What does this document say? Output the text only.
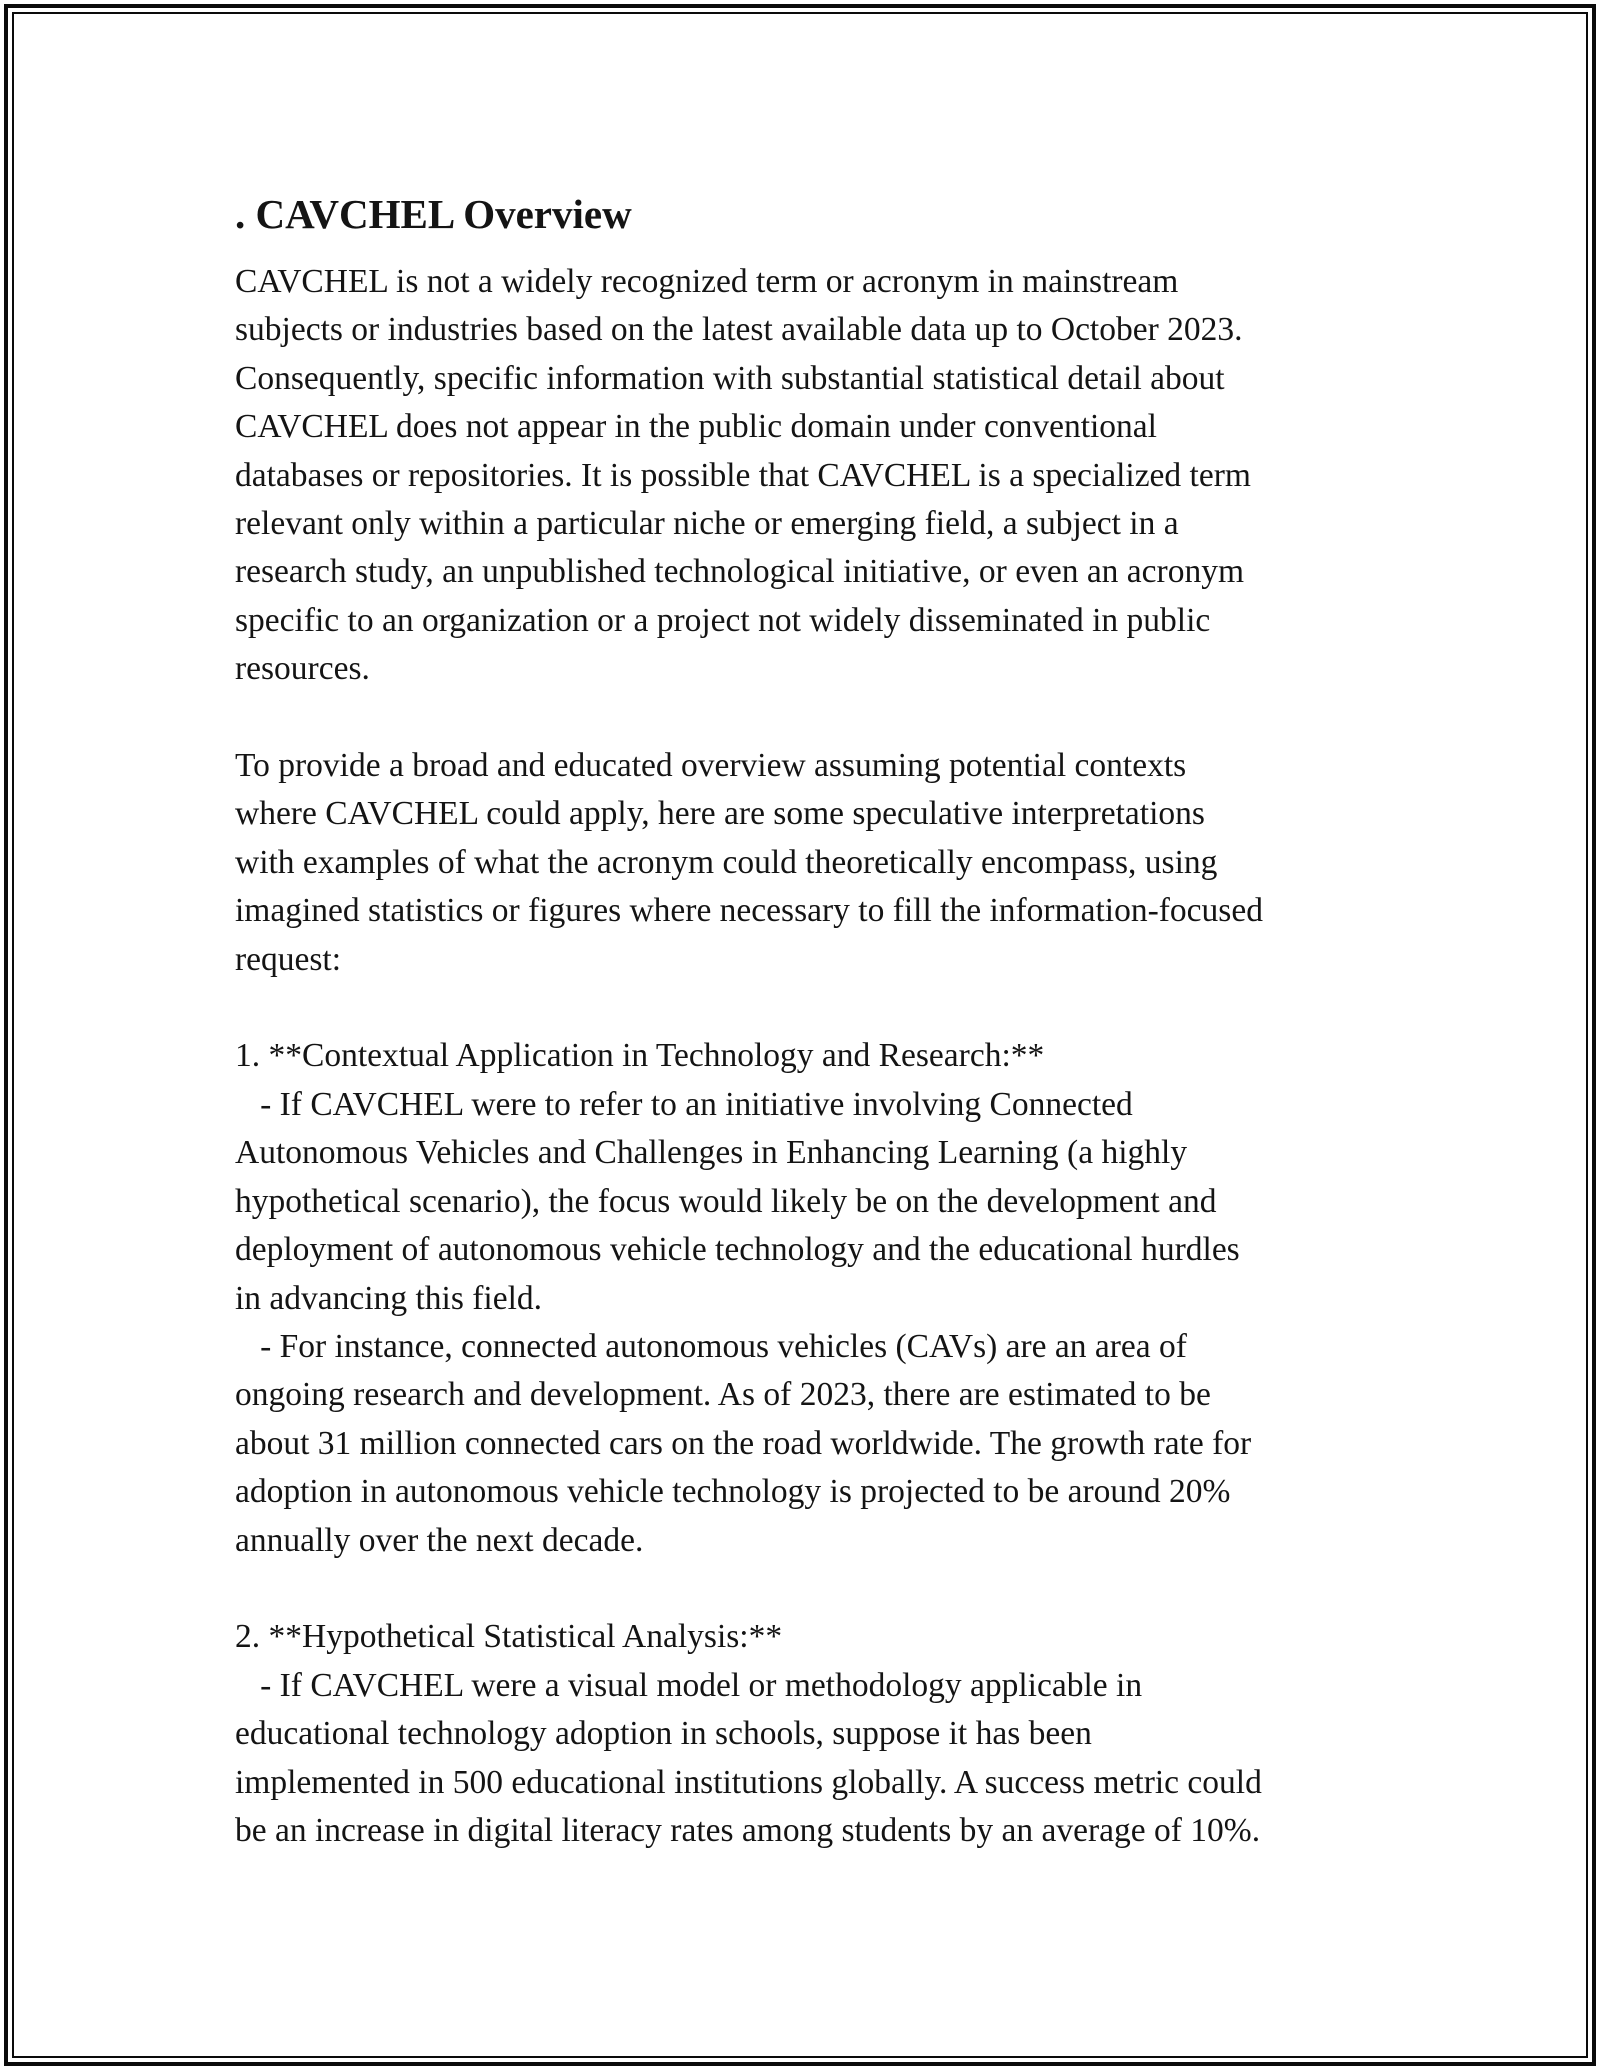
. CAVCHEL Overview
CAVCHEL is not a widely recognized term or acronym in mainstream
subjects or industries based on the latest available data up to October 2023.
Consequently, specific information with substantial statistical detail about
CAVCHEL does not appear in the public domain under conventional
databases or repositories. It is possible that CAVCHEL is a specialized term
relevant only within a particular niche or emerging field, a subject in a
research study, an unpublished technological initiative, or even an acronym
specific to an organization or a project not widely disseminated in public
resources.
To provide a broad and educated overview assuming potential contexts
where CAVCHEL could apply, here are some speculative interpretations
with examples of what the acronym could theoretically encompass, using
imagined statistics or figures where necessary to fill the information-focused
request:
1. **Contextual Application in Technology and Research:**
- If CAVCHEL were to refer to an initiative involving Connected
Autonomous Vehicles and Challenges in Enhancing Learning (a highly
hypothetical scenario), the focus would likely be on the development and
deployment of autonomous vehicle technology and the educational hurdles
in advancing this field.
- For instance, connected autonomous vehicles (CAVs) are an area of
ongoing research and development. As of 2023, there are estimated to be
about 31 million connected cars on the road worldwide. The growth rate for
adoption in autonomous vehicle technology is projected to be around 20%
annually over the next decade.
2. **Hypothetical Statistical Analysis:**
- If CAVCHEL were a visual model or methodology applicable in
educational technology adoption in schools, suppose it has been
implemented in 500 educational institutions globally. A success metric could
be an increase in digital literacy rates among students by an average of 10%.
